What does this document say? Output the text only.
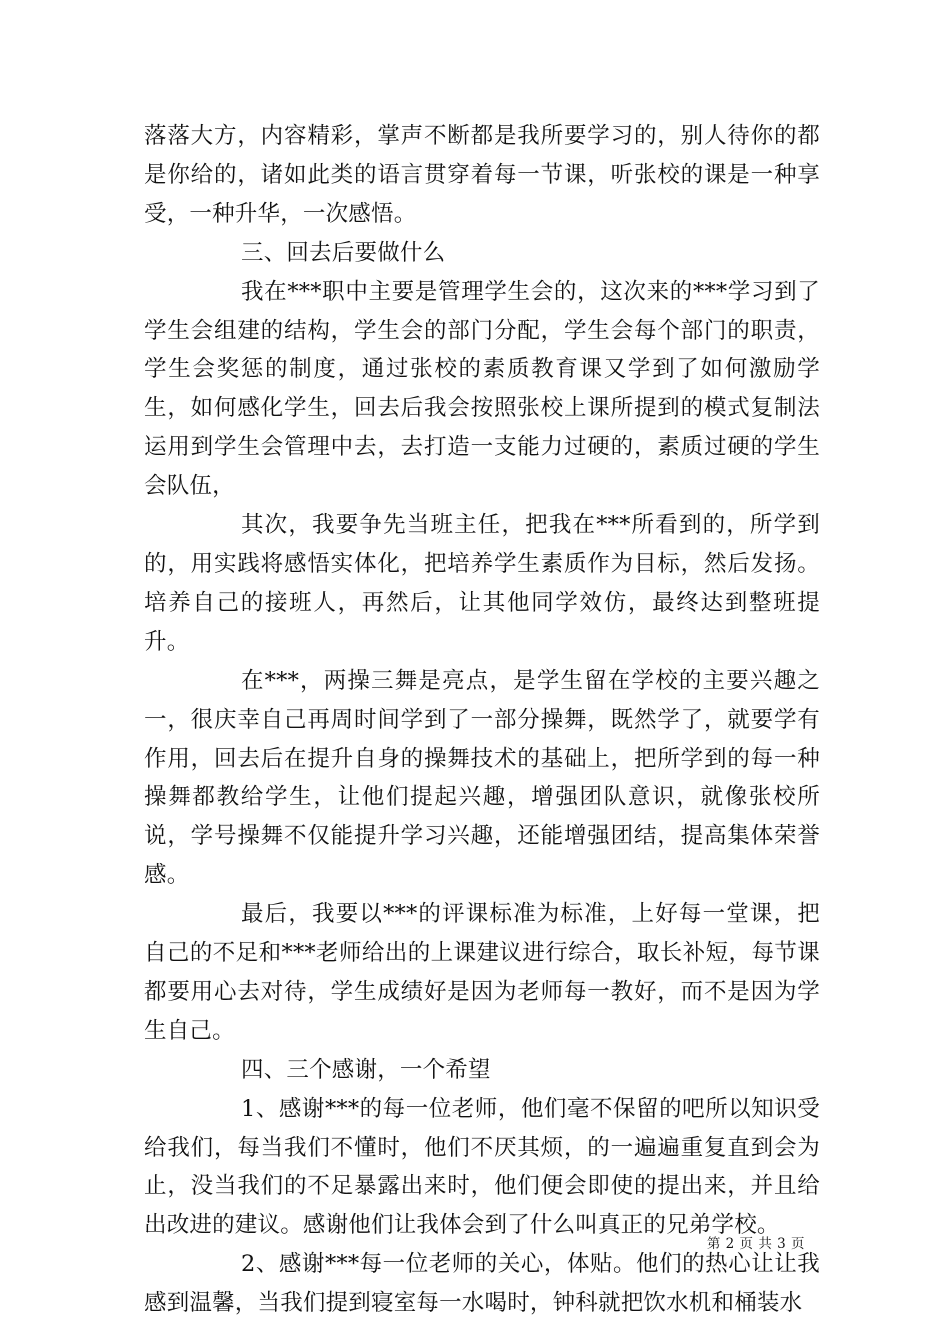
落落大方，内容精彩，掌声不断都是我所要学习的，别人待你的都是你给的，诸如此类的语言贯穿着每一节课，听张校的课是一种享受，一种升华，一次感悟。

三、回去后要做什么

我在***职中主要是管理学生会的，这次来的***学习到了学生会组建的结构，学生会的部门分配，学生会每个部门的职责，学生会奖惩的制度，通过张校的素质教育课又学到了如何激励学生，如何感化学生，回去后我会按照张校上课所提到的模式复制法运用到学生会管理中去，去打造一支能力过硬的，素质过硬的学生会队伍，

其次，我要争先当班主任，把我在***所看到的，所学到的，用实践将感悟实体化，把培养学生素质作为目标，然后发扬。培养自己的接班人，再然后，让其他同学效仿，最终达到整班提升。

在***，两操三舞是亮点，是学生留在学校的主要兴趣之一，很庆幸自己再周时间学到了一部分操舞，既然学了，就要学有作用，回去后在提升自身的操舞技术的基础上，把所学到的每一种操舞都教给学生，让他们提起兴趣，增强团队意识，就像张校所说，学号操舞不仅能提升学习兴趣，还能增强团结，提高集体荣誉感。

最后，我要以***的评课标准为标准，上好每一堂课，把自己的不足和***老师给出的上课建议进行综合，取长补短，每节课都要用心去对待，学生成绩好是因为老师每一教好，而不是因为学生自己。

四、三个感谢，一个希望

1、感谢***的每一位老师，他们毫不保留的吧所以知识受给我们，每当我们不懂时，他们不厌其烦，的一遍遍重复直到会为止，没当我们的不足暴露出来时，他们便会即使的提出来，并且给出改进的建议。感谢他们让我体会到了什么叫真正的兄弟学校。

2、感谢***每一位老师的关心，体贴。他们的热心让让我感到温馨，当我们提到寝室每一水喝时，钟科就把饮水机和桶装水

第 2 页 共 3 页
